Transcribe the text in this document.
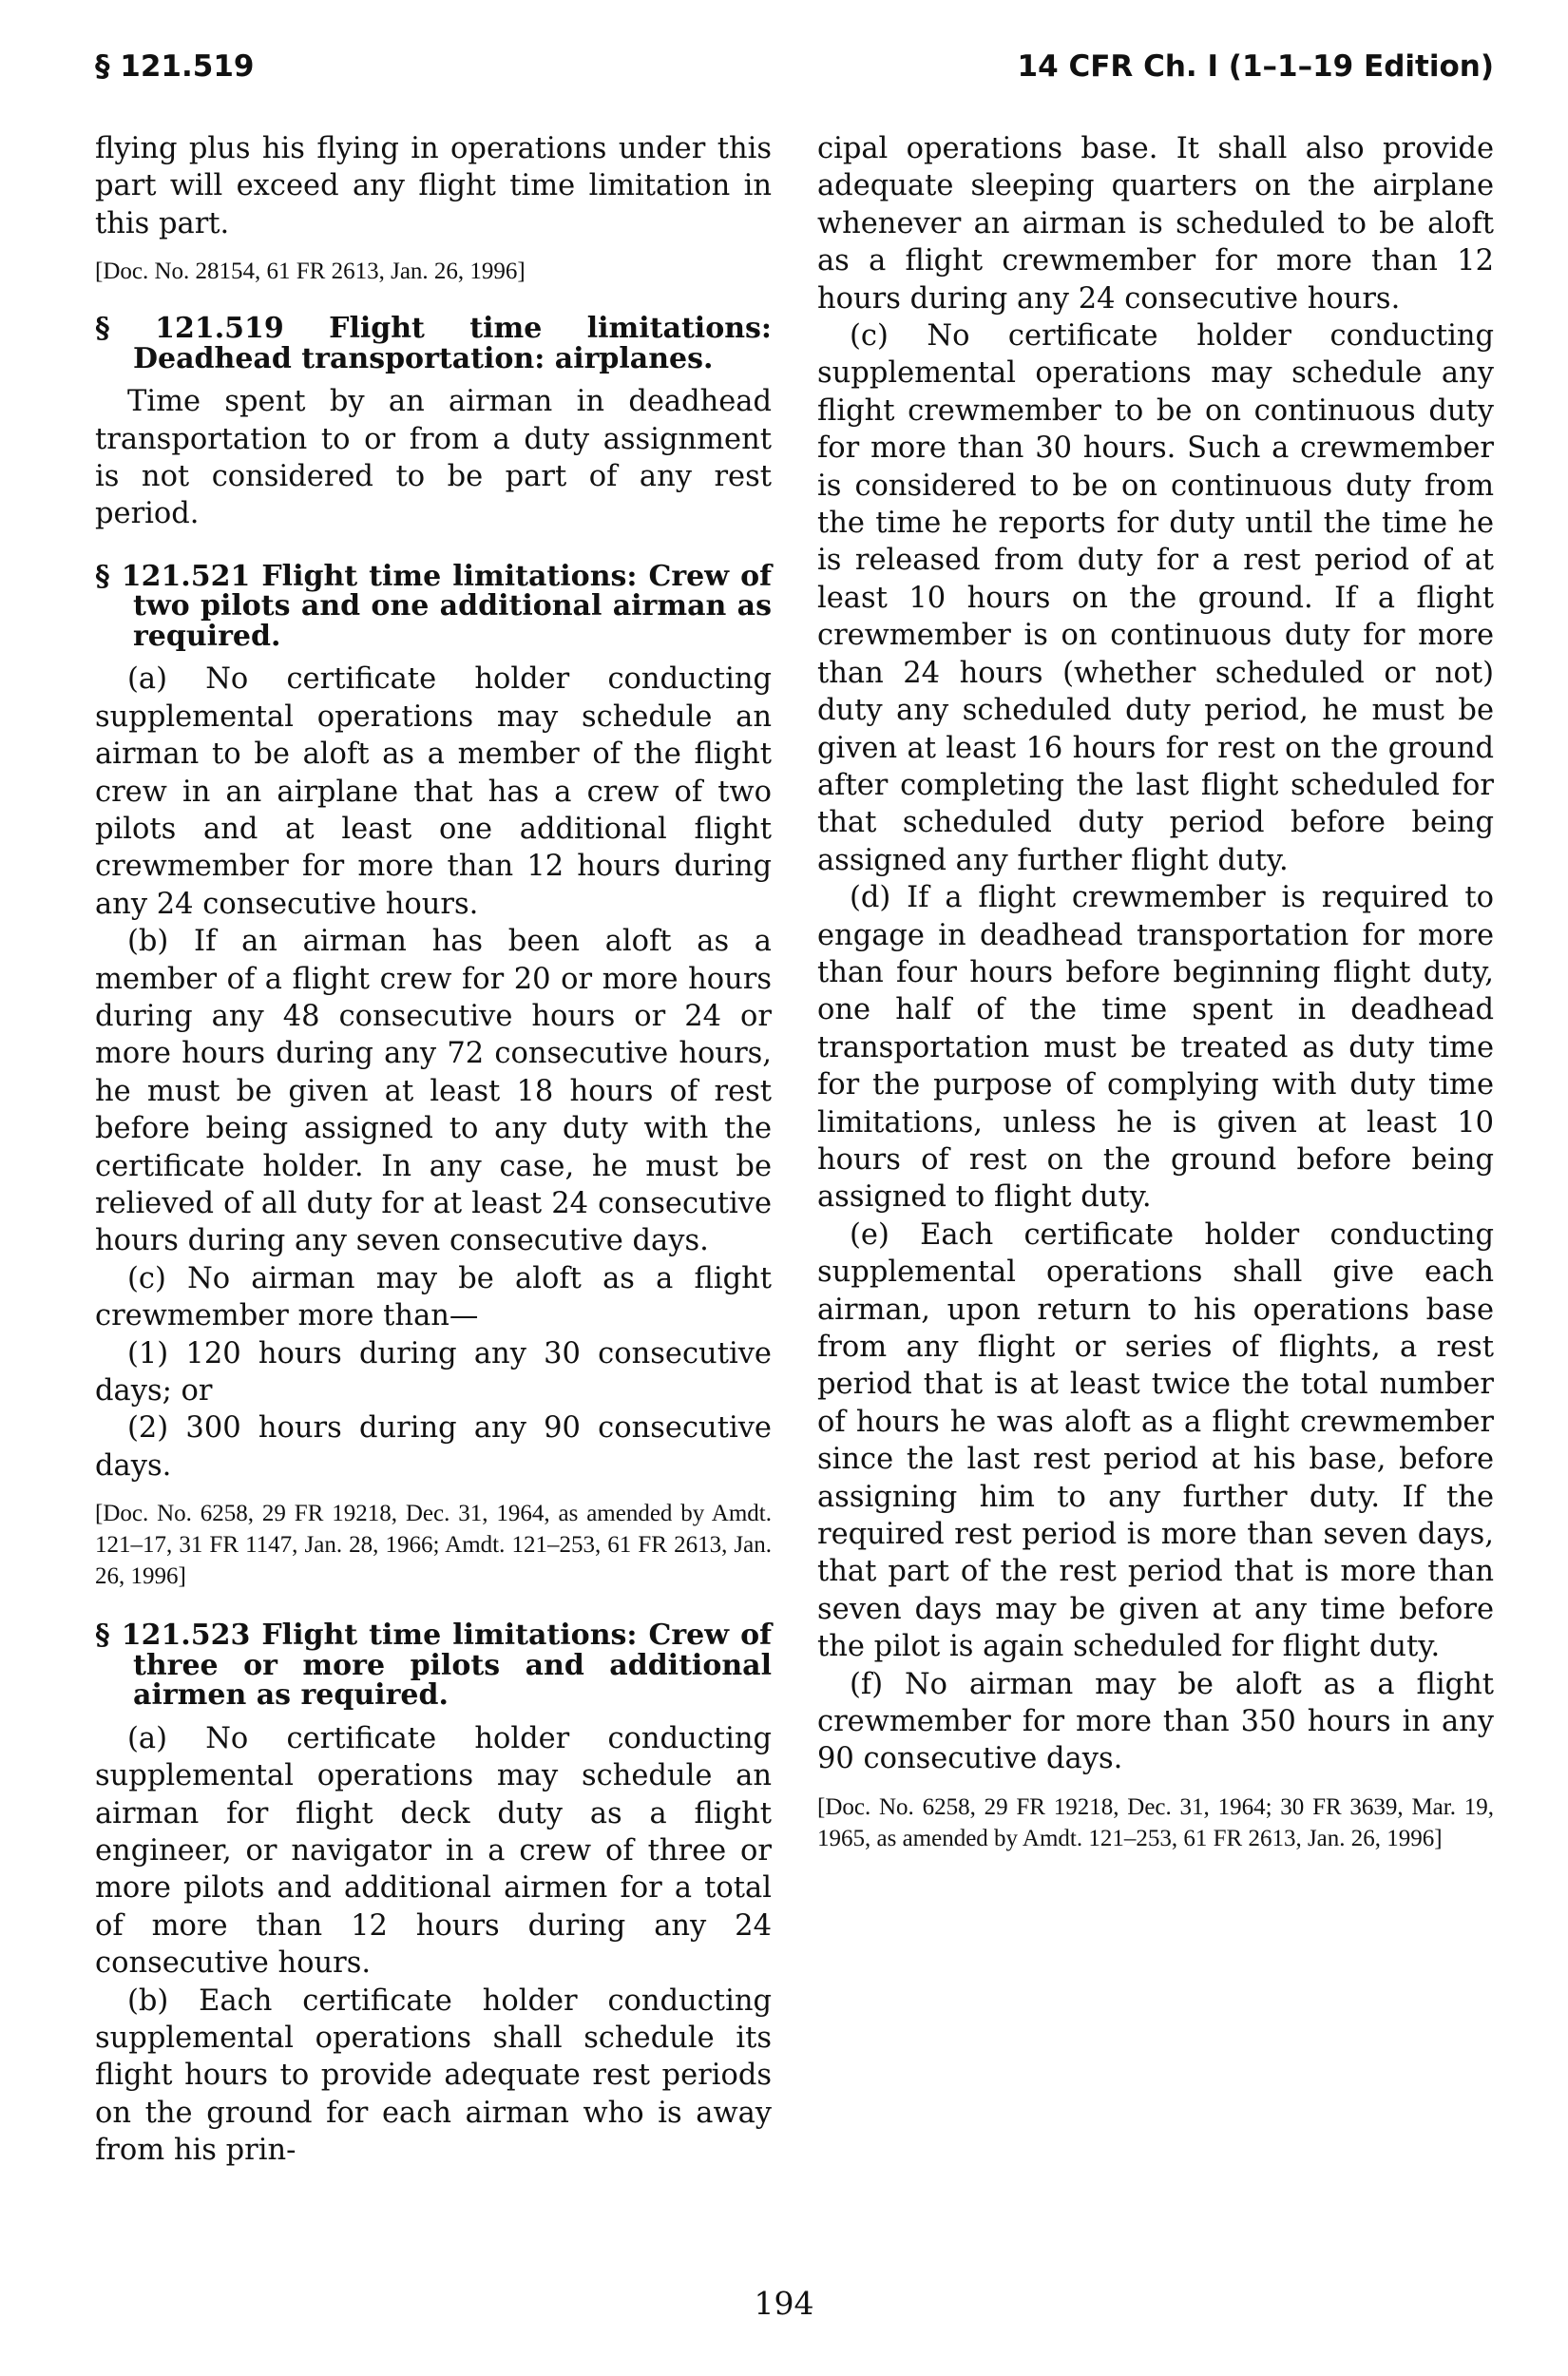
§ 121.519	14 CFR Ch. I (1–1–19 Edition)

flying plus his flying in operations under this part will exceed any flight time limitation in this part.

[Doc. No. 28154, 61 FR 2613, Jan. 26, 1996]
§ 121.519 Flight time limitations: Deadhead transportation: airplanes.

Time spent by an airman in deadhead transportation to or from a duty assignment is not considered to be part of any rest period.

§ 121.521 Flight time limitations: Crew of two pilots and one additional airman as required.

(a) No certificate holder conducting supplemental operations may schedule an airman to be aloft as a member of the flight crew in an airplane that has a crew of two pilots and at least one additional flight crewmember for more than 12 hours during any 24 consecutive hours.

(b) If an airman has been aloft as a member of a flight crew for 20 or more hours during any 48 consecutive hours or 24 or more hours during any 72 consecutive hours, he must be given at least 18 hours of rest before being assigned to any duty with the certificate holder. In any case, he must be relieved of all duty for at least 24 consecutive hours during any seven consecutive days.

(c) No airman may be aloft as a flight crewmember more than—

(1) 120 hours during any 30 consecutive days; or

(2) 300 hours during any 90 consecutive days.

[Doc. No. 6258, 29 FR 19218, Dec. 31, 1964, as amended by Amdt. 121–17, 31 FR 1147, Jan. 28, 1966; Amdt. 121–253, 61 FR 2613, Jan. 26, 1996]
§ 121.523 Flight time limitations: Crew of three or more pilots and additional airmen as required.

(a) No certificate holder conducting supplemental operations may schedule an airman for flight deck duty as a flight engineer, or navigator in a crew of three or more pilots and additional airmen for a total of more than 12 hours during any 24 consecutive hours.

(b) Each certificate holder conducting supplemental operations shall schedule its flight hours to provide adequate rest periods on the ground for each airman who is away from his prin-

cipal operations base. It shall also provide adequate sleeping quarters on the airplane whenever an airman is scheduled to be aloft as a flight crewmember for more than 12 hours during any 24 consecutive hours.

(c) No certificate holder conducting supplemental operations may schedule any flight crewmember to be on continuous duty for more than 30 hours. Such a crewmember is considered to be on continuous duty from the time he reports for duty until the time he is released from duty for a rest period of at least 10 hours on the ground. If a flight crewmember is on continuous duty for more than 24 hours (whether scheduled or not) duty any scheduled duty period, he must be given at least 16 hours for rest on the ground after completing the last flight scheduled for that scheduled duty period before being assigned any further flight duty.

(d) If a flight crewmember is required to engage in deadhead transportation for more than four hours before beginning flight duty, one half of the time spent in deadhead transportation must be treated as duty time for the purpose of complying with duty time limitations, unless he is given at least 10 hours of rest on the ground before being assigned to flight duty.

(e) Each certificate holder conducting supplemental operations shall give each airman, upon return to his operations base from any flight or series of flights, a rest period that is at least twice the total number of hours he was aloft as a flight crewmember since the last rest period at his base, before assigning him to any further duty. If the required rest period is more than seven days, that part of the rest period that is more than seven days may be given at any time before the pilot is again scheduled for flight duty.

(f) No airman may be aloft as a flight crewmember for more than 350 hours in any 90 consecutive days.

[Doc. No. 6258, 29 FR 19218, Dec. 31, 1964; 30 FR 3639, Mar. 19, 1965, as amended by Amdt. 121–253, 61 FR 2613, Jan. 26, 1996]
194
